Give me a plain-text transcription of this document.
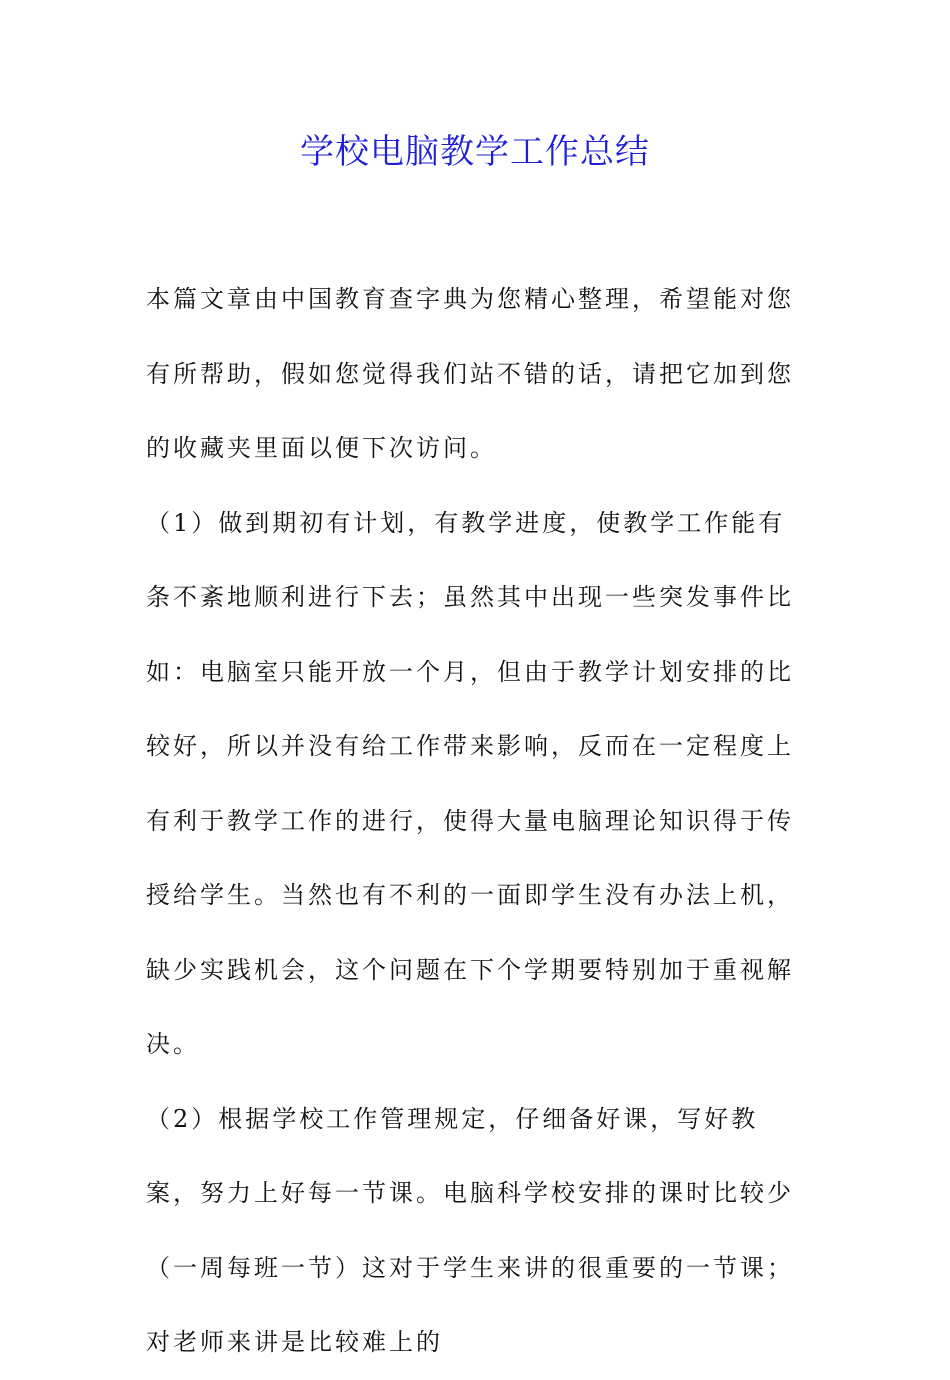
学校电脑教学工作总结

本篇文章由中国教育查字典为您精心整理，希望能对您有所帮助，假如您觉得我们站不错的话，请把它加到您的收藏夹里面以便下次访问。

（1）做到期初有计划，有教学进度，使教学工作能有条不紊地顺利进行下去；虽然其中出现一些突发事件比如：电脑室只能开放一个月，但由于教学计划安排的比较好，所以并没有给工作带来影响，反而在一定程度上有利于教学工作的进行，使得大量电脑理论知识得于传授给学生。当然也有不利的一面即学生没有办法上机，缺少实践机会，这个问题在下个学期要特别加于重视解决。

（2）根据学校工作管理规定，仔细备好课，写好教案，努力上好每一节课。电脑科学校安排的课时比较少（一周每班一节）这对于学生来讲的很重要的一节课；对老师来讲是比较难上的
